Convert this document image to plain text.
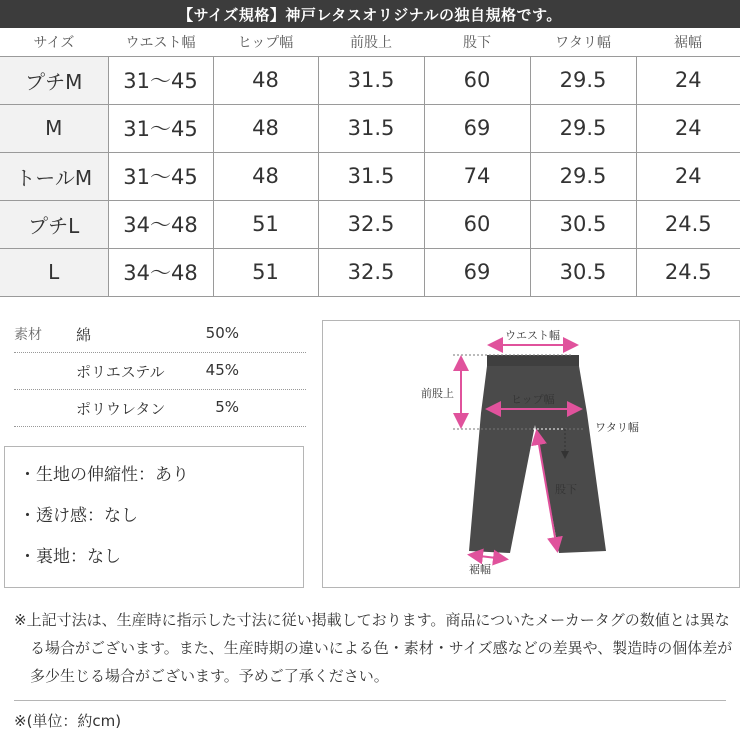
【サイズ規格】神戸レタスオリジナルの独自規格です。
サイズ	ウエスト幅	ヒップ幅	前股上	股下	ワタリ幅	裾幅
プチM	31〜45	48	31.5	60	29.5	24
M	31〜45	48	31.5	69	29.5	24
トールM	31〜45	48	31.5	74	29.5	24
プチL	34〜48	51	32.5	60	30.5	24.5
L	34〜48	51	32.5	69	30.5	24.5
素材 綿	50%
ポリエステル	45%
ポリウレタン	5%
・生地の伸縮性：あり
・透け感：なし
・裏地：なし
ウエスト幅
前股上	ヒップ幅
ワタリ幅
股下
裾幅

※上記寸法は、生産時に指示した寸法に従い掲載しております。商品についたメーカータグの数値とは異なる場合がございます。また、生産時期の違いによる色・素材・サイズ感などの差異や、製造時の個体差が多少生じる場合がございます。予めご了承ください。

※(単位：約cm)
